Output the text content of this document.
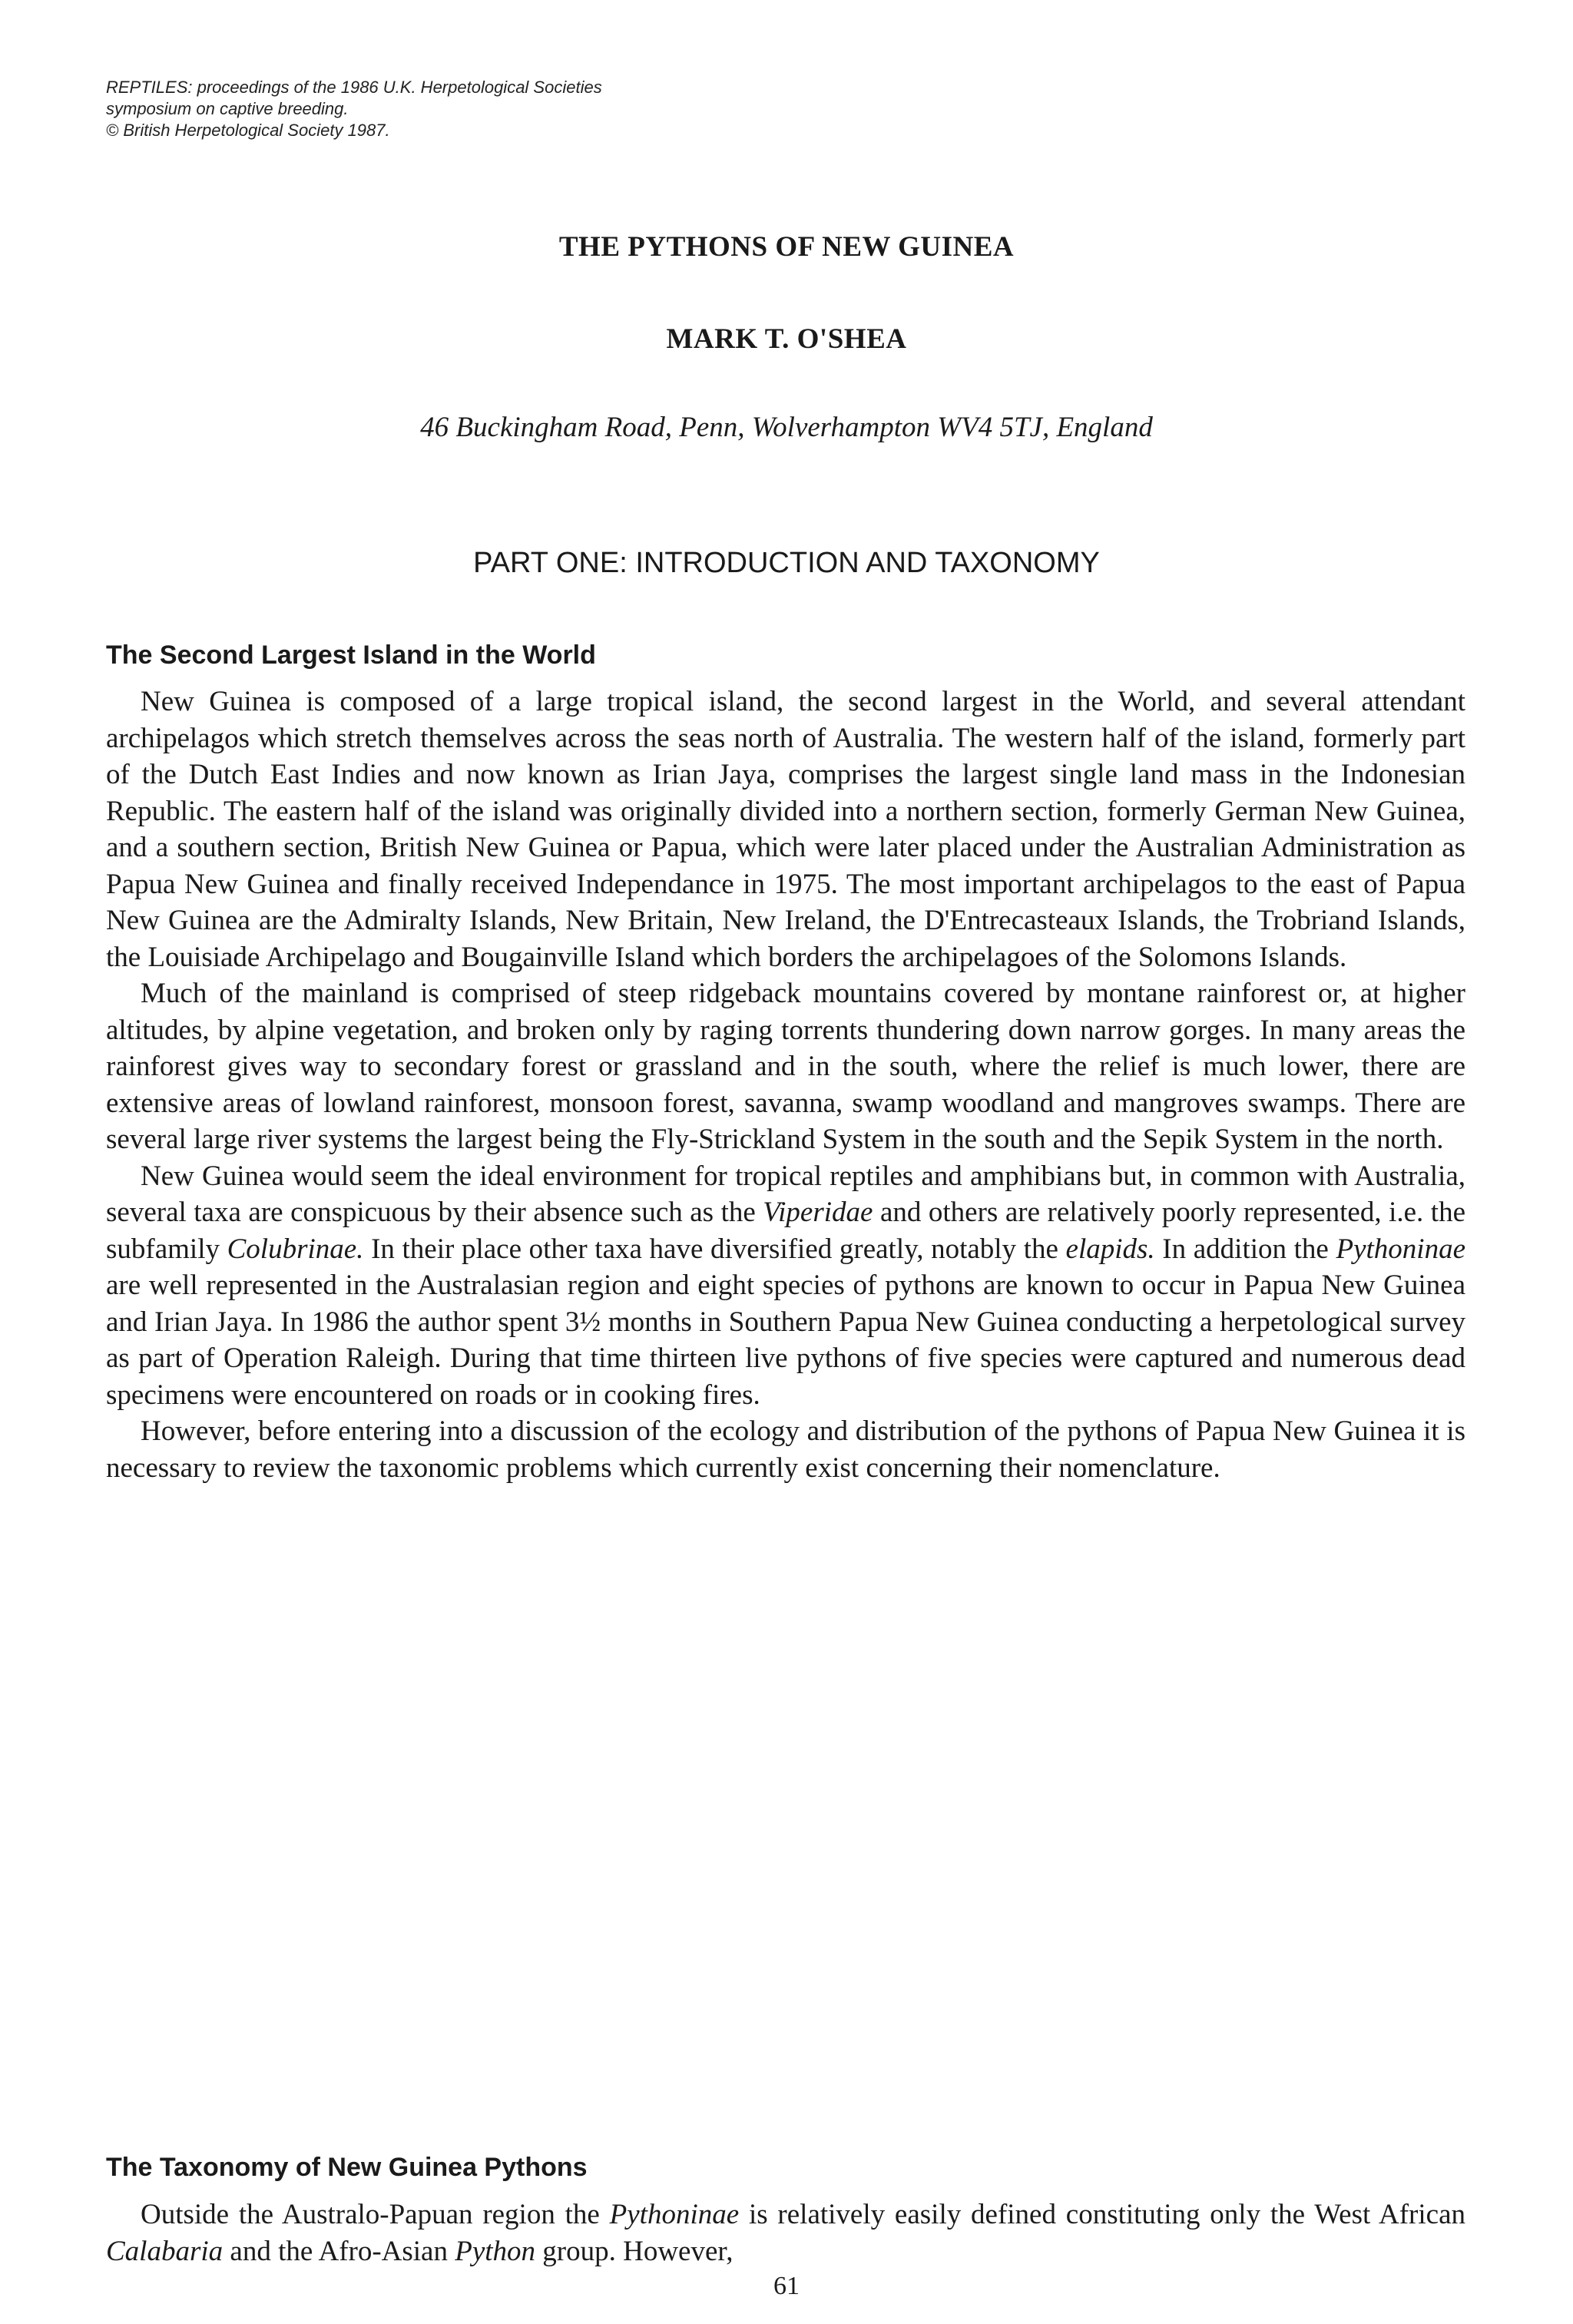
REPTILES: proceedings of the 1986 U.K. Herpetological Societies
symposium on captive breeding.
© British Herpetological Society 1987.
THE PYTHONS OF NEW GUINEA
MARK T. O'SHEA
46 Buckingham Road, Penn, Wolverhampton WV4 5TJ, England
PART ONE: INTRODUCTION AND TAXONOMY
The Second Largest Island in the World

New Guinea is composed of a large tropical island, the second largest in the World, and several attendant archipelagos which stretch themselves across the seas north of Australia. The western half of the island, formerly part of the Dutch East Indies and now known as Irian Jaya, comprises the largest single land mass in the Indonesian Republic. The eastern half of the island was originally divided into a northern section, formerly German New Guinea, and a southern section, British New Guinea or Papua, which were later placed under the Australian Administration as Papua New Guinea and finally received Independance in 1975. The most important archipelagos to the east of Papua New Guinea are the Admiralty Islands, New Britain, New Ireland, the D'Entrecasteaux Islands, the Trobriand Islands, the Louisiade Archipelago and Bougainville Island which borders the archipelagoes of the Solomons Islands.

Much of the mainland is comprised of steep ridgeback mountains covered by montane rainforest or, at higher altitudes, by alpine vegetation, and broken only by raging torrents thundering down narrow gorges. In many areas the rainforest gives way to secondary forest or grassland and in the south, where the relief is much lower, there are extensive areas of lowland rainforest, monsoon forest, savanna, swamp woodland and mangroves swamps. There are several large river systems the largest being the Fly-Strickland System in the south and the Sepik System in the north.

New Guinea would seem the ideal environment for tropical reptiles and amphibians but, in common with Australia, several taxa are conspicuous by their absence such as the Viperidae and others are relatively poorly represented, i.e. the subfamily Colubrinae. In their place other taxa have diversified greatly, notably the elapids. In addition the Pythoninae are well represented in the Australasian region and eight species of pythons are known to occur in Papua New Guinea and Irian Jaya. In 1986 the author spent 3½ months in Southern Papua New Guinea conducting a herpetological survey as part of Operation Raleigh. During that time thirteen live pythons of five species were captured and numerous dead specimens were encountered on roads or in cooking fires.

However, before entering into a discussion of the ecology and distribution of the pythons of Papua New Guinea it is necessary to review the taxonomic problems which currently exist concerning their nomenclature.

The Taxonomy of New Guinea Pythons

Outside the Australo-Papuan region the Pythoninae is relatively easily defined constituting only the West African Calabaria and the Afro-Asian Python group. However,

61
